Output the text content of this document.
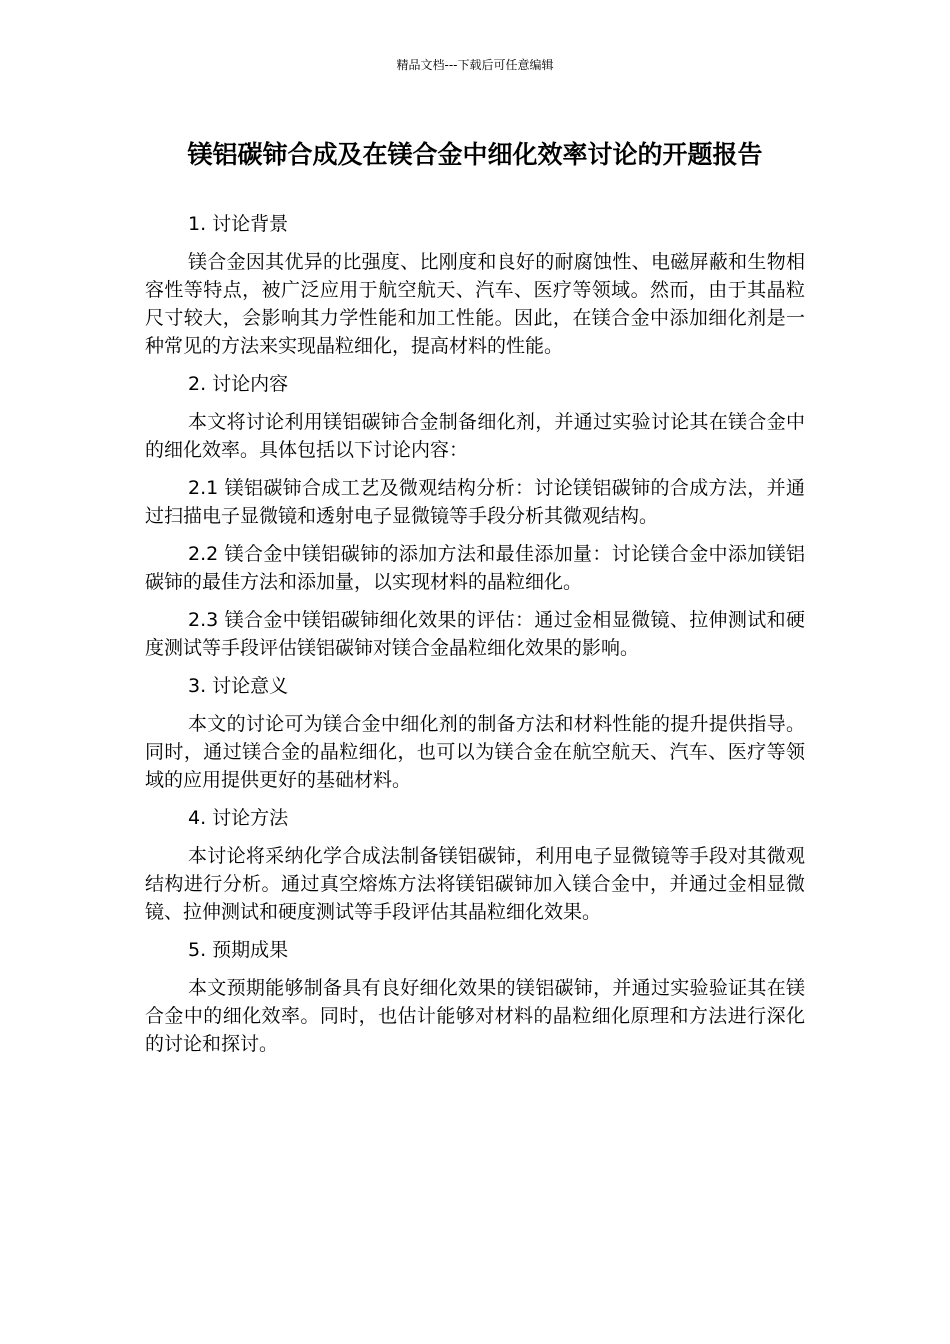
精品文档---下载后可任意编辑
镁铝碳铈合成及在镁合金中细化效率讨论的开题报告
1. 讨论背景
镁合金因其优异的比强度、比刚度和良好的耐腐蚀性、电磁屏蔽和生物相容性等特点，被广泛应用于航空航天、汽车、医疗等领域。然而，由于其晶粒尺寸较大，会影响其力学性能和加工性能。因此，在镁合金中添加细化剂是一种常见的方法来实现晶粒细化，提高材料的性能。
2. 讨论内容
本文将讨论利用镁铝碳铈合金制备细化剂，并通过实验讨论其在镁合金中的细化效率。具体包括以下讨论内容：
2.1 镁铝碳铈合成工艺及微观结构分析：讨论镁铝碳铈的合成方法，并通过扫描电子显微镜和透射电子显微镜等手段分析其微观结构。
2.2 镁合金中镁铝碳铈的添加方法和最佳添加量：讨论镁合金中添加镁铝碳铈的最佳方法和添加量，以实现材料的晶粒细化。
2.3 镁合金中镁铝碳铈细化效果的评估：通过金相显微镜、拉伸测试和硬度测试等手段评估镁铝碳铈对镁合金晶粒细化效果的影响。
3. 讨论意义
本文的讨论可为镁合金中细化剂的制备方法和材料性能的提升提供指导。同时，通过镁合金的晶粒细化，也可以为镁合金在航空航天、汽车、医疗等领域的应用提供更好的基础材料。
4. 讨论方法
本讨论将采纳化学合成法制备镁铝碳铈，利用电子显微镜等手段对其微观结构进行分析。通过真空熔炼方法将镁铝碳铈加入镁合金中，并通过金相显微镜、拉伸测试和硬度测试等手段评估其晶粒细化效果。
5. 预期成果
本文预期能够制备具有良好细化效果的镁铝碳铈，并通过实验验证其在镁合金中的细化效率。同时，也估计能够对材料的晶粒细化原理和方法进行深化的讨论和探讨。
